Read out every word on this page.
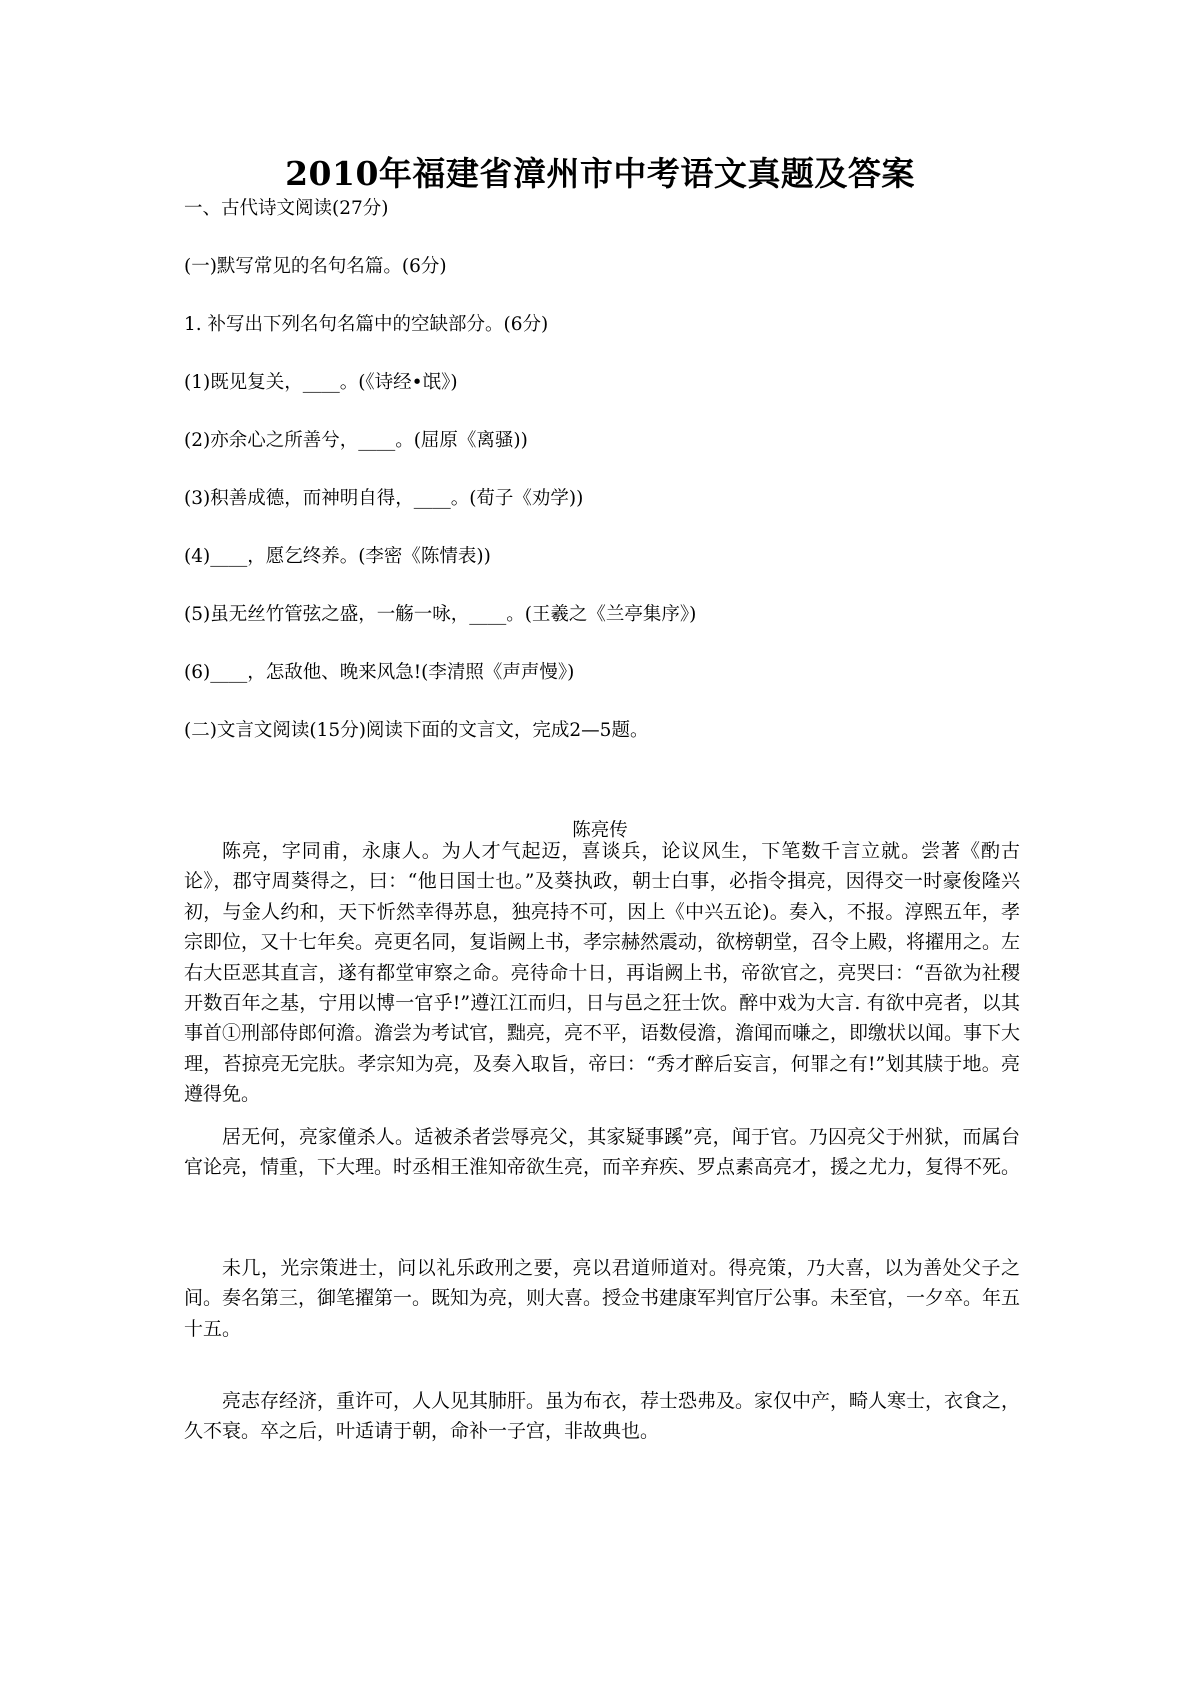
2010年福建省漳州市中考语文真题及答案
一、古代诗文阅读(27分)
(一)默写常见的名句名篇。(6分)
1. 补写出下列名句名篇中的空缺部分。(6分)
(1)既见复关，____。(《诗经•氓》)
(2)亦余心之所善兮，____。(屈原《离骚))
(3)积善成德，而神明自得，____。(荀子《劝学))
(4)____，愿乞终养。(李密《陈情表))
(5)虽无丝竹管弦之盛，一觞一咏，____。(王羲之《兰亭集序》)
(6)____，怎敌他、晚来风急!(李清照《声声慢》)
(二)文言文阅读(15分)阅读下面的文言文，完成2—5题。
陈亮传

陈亮，字同甫，永康人。为人才气起迈，喜谈兵，论议风生，下笔数千言立就。尝著《酌古论》，郡守周葵得之，曰：“他日国士也。”及葵执政，朝士白事，必指令揖亮，因得交一时豪俊隆兴初，与金人约和，天下忻然幸得苏息，独亮持不可，因上《中兴五论)。奏入，不报。淳熙五年，孝宗即位，又十七年矣。亮更名同，复诣阙上书，孝宗赫然震动，欲榜朝堂，召令上殿，将擢用之。左右大臣恶其直言，遂有都堂审察之命。亮待命十日，再诣阙上书，帝欲官之，亮哭曰：“吾欲为社稷开数百年之基，宁用以博一官乎!”遵江江而归，日与邑之狂士饮。醉中戏为大言. 有欲中亮者，以其事首①刑部侍郎何澹。澹尝为考试官，黜亮，亮不平，语数侵澹，澹闻而嗛之，即缴状以闻。事下大理，苔掠亮无完肤。孝宗知为亮，及奏入取旨，帝曰：“秀才醉后妄言，何罪之有!”划其牍于地。亮遵得免。

居无何，亮家僮杀人。适被杀者尝辱亮父，其家疑事蹊”亮，闻于官。乃囚亮父于州狱，而属台官论亮，情重，下大理。时丞相王淮知帝欲生亮，而辛弃疾、罗点素高亮才，援之尤力，复得不死。

未几，光宗策进士，问以礼乐政刑之要，亮以君道师道对。得亮策，乃大喜，以为善处父子之间。奏名第三，御笔擢第一。既知为亮，则大喜。授佥书建康军判官厅公事。未至官，一夕卒。年五十五。

亮志存经济，重许可，人人见其肺肝。虽为布衣，荐士恐弗及。家仅中产，畸人寒士，衣食之，久不衰。卒之后，叶适请于朝，命补一子宫，非故典也。
